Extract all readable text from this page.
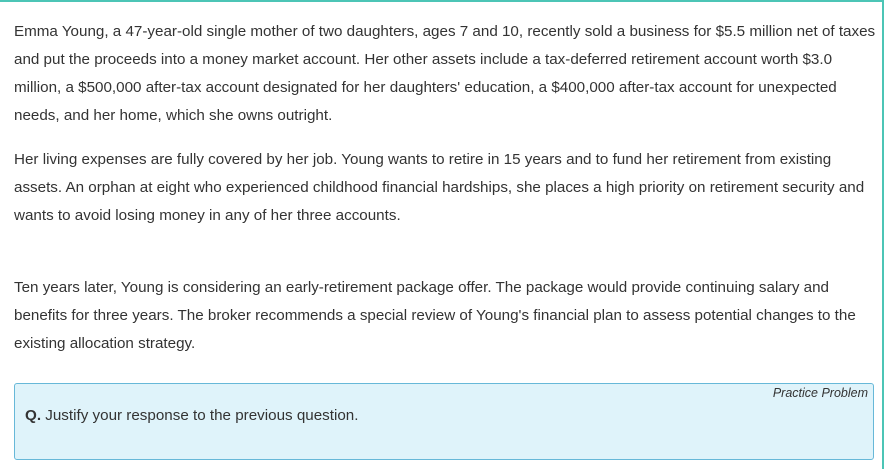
Emma Young, a 47-year-old single mother of two daughters, ages 7 and 10, recently sold a business for $5.5 million net of taxes and put the proceeds into a money market account. Her other assets include a tax-deferred retirement account worth $3.0 million, a $500,000 after-tax account designated for her daughters' education, a $400,000 after-tax account for unexpected needs, and her home, which she owns outright.

Her living expenses are fully covered by her job. Young wants to retire in 15 years and to fund her retirement from existing assets. An orphan at eight who experienced childhood financial hardships, she places a high priority on retirement security and wants to avoid losing money in any of her three accounts.

Ten years later, Young is considering an early-retirement package offer. The package would provide continuing salary and benefits for three years. The broker recommends a special review of Young's financial plan to assess potential changes to the existing allocation strategy.

Practice Problem
Q. Justify your response to the previous question.
